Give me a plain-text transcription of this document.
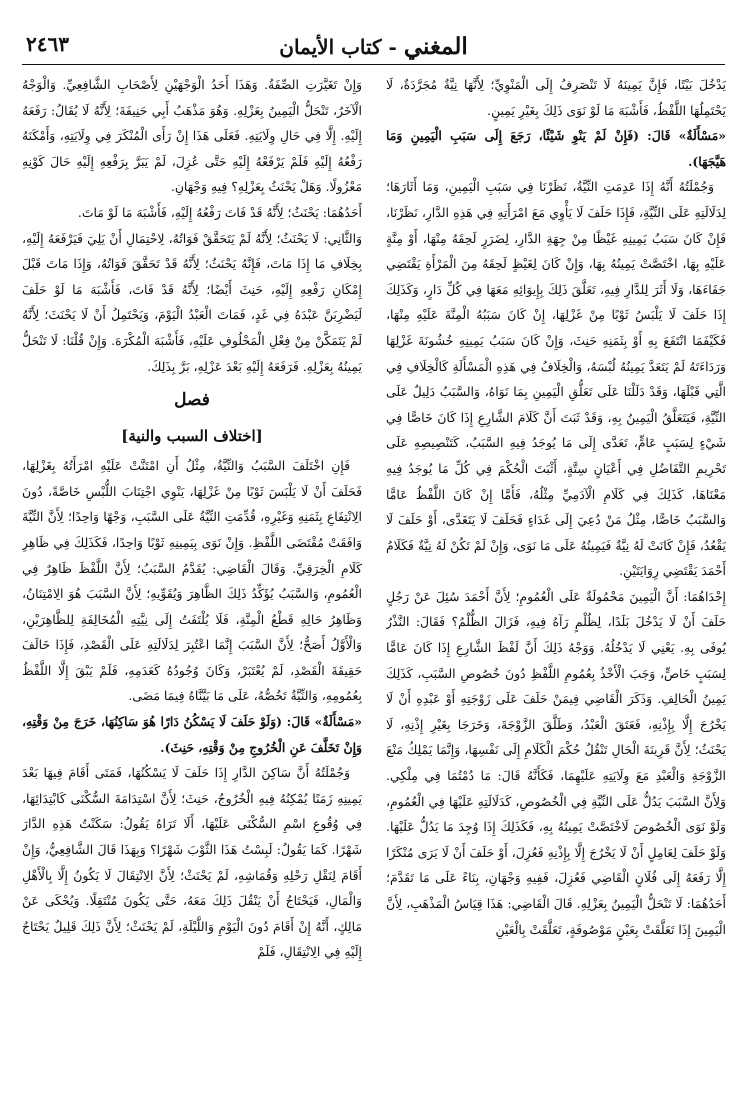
٢٤٦٣	المغني - كتاب الأيمان

يَدْخُلَ بَيْتًا، فَإِنَّ يَمِينَهُ لَا تَنْصَرِفُ إِلَى الْمَنْوِيِّ؛ لِأَنَّهَا نِيَّةٌ مُجَرَّدَةٌ، لَا يَحْتَمِلُهَا اللَّفْظُ، فَأَشْبَهَ مَا لَوْ نَوَى ذَلِكَ بِغَيْرِ يَمِينٍ.

«مَسْأَلَةٌ» قَالَ: (فَإِنْ لَمْ يَنْوِ شَيْئًا، رَجَعَ إِلَى سَبَبِ الْيَمِينِ وَمَا هَيَّجَهَا).

وَجُمْلَتُهُ أَنَّهُ إِذَا عَدِمَتِ النِّيَّةُ، نَظَرْنَا فِي سَبَبِ الْيَمِينِ، وَمَا أَثَارَهَا؛ لِدَلَالَتِهِ عَلَى النِّيَّةِ، فَإِذَا حَلَفَ لَا يَأْوِي مَعَ امْرَأَتِهِ فِي هَذِهِ الدَّارِ، نَظَرْنَا، فَإِنْ كَانَ سَبَبُ يَمِينِهِ غَيْظًا مِنْ جِهَةِ الدَّارِ، لِضَرَرٍ لَحِقَهُ مِنْهَا، أَوْ مِنَّةٍ عَلَيْهِ بِهَا، اخْتَصَّتْ يَمِينُهُ بِهَا، وَإِنْ كَانَ لِغَيْظٍ لَحِقَهُ مِنَ الْمَرْأَةِ يَقْتَضِي جَفَاءَهَا، وَلَا أَثَرَ لِلدَّارِ فِيهِ، تَعَلَّقَ ذَلِكَ بِإِيوَائِهِ مَعَهَا فِي كُلِّ دَارٍ، وَكَذَلِكَ إِذَا حَلَفَ لَا يَلْبَسُ ثَوْبًا مِنْ غَزْلِهَا، إِنْ كَانَ سَبَبُهُ الْمِنَّةَ عَلَيْهِ مِنْهَا، فَكَيْفَمَا انْتَفَعَ بِهِ أَوْ بِثَمَنِهِ حَنِثَ، وَإِنْ كَانَ سَبَبُ يَمِينِهِ خُشُونَةَ غَزْلِهَا وَرَدَاءَتَهُ لَمْ يَتَعَدَّ يَمِينُهُ لُبْسَهُ، وَالْخِلَافُ فِي هَذِهِ الْمَسْأَلَةِ كَالْخِلَافِ فِي الَّتِي قَبْلَهَا، وَقَدْ دَلَلْنَا عَلَى تَعَلُّقِ الْيَمِينِ بِمَا نَوَاهُ، وَالسَّبَبُ دَلِيلٌ عَلَى النِّيَّةِ، فَيَتَعَلَّقُ الْيَمِينُ بِهِ، وَقَدْ ثَبَتَ أَنَّ كَلَامَ الشَّارِعِ إِذَا كَانَ خَاصًّا فِي شَيْءٍ لِسَبَبٍ عَامٍّ، تَعَدَّى إِلَى مَا يُوجَدُ فِيهِ السَّبَبُ، كَتَنْصِيصِهِ عَلَى تَحْرِيمِ التَّفَاضُلِ فِي أَعْيَانٍ سِتَّةٍ، أَثْبَتَ الْحُكْمَ فِي كُلِّ مَا يُوجَدُ فِيهِ مَعْنَاهَا، كَذَلِكَ فِي كَلَامِ الْآدَمِيِّ مِثْلُهُ، فَأَمَّا إِنْ كَانَ اللَّفْظُ عَامًّا وَالسَّبَبُ خَاصًّا، مِثْلُ مَنْ دُعِيَ إِلَى غَدَاءٍ فَحَلَفَ لَا يَتَغَدَّى، أَوْ حَلَفَ لَا يَقْعُدُ، فَإِنْ كَانَتْ لَهُ نِيَّةٌ فَيَمِينُهُ عَلَى مَا نَوَى، وَإِنْ لَمْ تَكُنْ لَهُ نِيَّةٌ فَكَلَامُ أَحْمَدَ يَقْتَضِي رِوَايَتَيْنِ.

إِحْدَاهُمَا: أَنَّ الْيَمِينَ مَحْمُولَةٌ عَلَى الْعُمُومِ؛ لِأَنَّ أَحْمَدَ سُئِلَ عَنْ رَجُلٍ حَلَفَ أَنْ لَا يَدْخُلَ بَلَدًا، لِظُلْمٍ رَآهُ فِيهِ، فَزَالَ الظُّلْمُ؟ فَقَالَ: النَّذْرُ يُوفَى بِهِ. يَعْنِي لَا يَدْخُلُهُ. وَوَجْهُ ذَلِكَ أَنَّ لَفْظَ الشَّارِعِ إِذَا كَانَ عَامًّا لِسَبَبٍ خَاصٍّ، وَجَبَ الْأَخْذُ بِعُمُومِ اللَّفْظِ دُونَ خُصُوصِ السَّبَبِ، كَذَلِكَ يَمِينُ الْحَالِفِ. وَذَكَرَ الْقَاضِي فِيمَنْ حَلَفَ عَلَى زَوْجَتِهِ أَوْ عَبْدِهِ أَنْ لَا يَخْرُجَ إِلَّا بِإِذْنِهِ، فَعَتَقَ الْعَبْدُ، وَطَلَّقَ الزَّوْجَةَ، وَخَرَجَا بِغَيْرِ إِذْنِهِ، لَا يَحْنَثُ؛ لِأَنَّ قَرِينَةَ الْحَالِ تَنْقُلُ حُكْمَ الْكَلَامِ إِلَى نَفْسِهَا، وَإِنَّمَا يَمْلِكُ مَنْعَ الزَّوْجَةِ وَالْعَبْدِ مَعَ وِلَايَتِهِ عَلَيْهِمَا، فَكَأَنَّهُ قَالَ: مَا دُمْتُمَا فِي مِلْكِي. وَلِأَنَّ السَّبَبَ يَدُلُّ عَلَى النِّيَّةِ فِي الْخُصُوصِ، كَدَلَالَتِهِ عَلَيْهَا فِي الْعُمُومِ، وَلَوْ نَوَى الْخُصُوصَ لَاخْتَصَّتْ يَمِينُهُ بِهِ، فَكَذَلِكَ إِذَا وُجِدَ مَا يَدُلُّ عَلَيْهَا. وَلَوْ حَلَفَ لِعَامِلٍ أَنْ لَا يَخْرُجَ إِلَّا بِإِذْنِهِ فَعُزِلَ، أَوْ حَلَفَ أَنْ لَا يَرَى مُنْكَرًا إِلَّا رَفَعَهُ إِلَى فُلَانٍ الْقَاضِي فَعُزِلَ، فَفِيهِ وَجْهَانِ، بِنَاءً عَلَى مَا تَقَدَّمَ؛ أَحَدُهُمَا: لَا تَنْحَلُّ الْيَمِينُ بِعَزْلِهِ. قَالَ الْقَاضِي: هَذَا قِيَاسُ الْمَذْهَبِ، لِأَنَّ الْيَمِينَ إِذَا تَعَلَّقَتْ بِعَيْنٍ مَوْصُوفَةٍ، تَعَلَّقَتْ بِالْعَيْنِ

وَإِنْ تَغَيَّرَتِ الصِّفَةُ. وَهَذَا أَحَدُ الْوَجْهَيْنِ لِأَصْحَابِ الشَّافِعِيِّ. وَالْوَجْهُ الْآخَرُ، تَنْحَلُّ الْيَمِينُ بِعَزْلِهِ. وَهُوَ مَذْهَبُ أَبِي حَنِيفَةَ؛ لِأَنَّهُ لَا يُقَالُ: رَفَعَهُ إِلَيْهِ. إِلَّا فِي حَالِ وِلَايَتِهِ. فَعَلَى هَذَا إِنْ رَأَى الْمُنْكَرَ فِي وِلَايَتِهِ، وَأَمْكَنَهُ رَفْعُهُ إِلَيْهِ فَلَمْ يَرْفَعْهُ إِلَيْهِ حَتَّى عُزِلَ، لَمْ يَبَرَّ بِرَفْعِهِ إِلَيْهِ حَالَ كَوْنِهِ مَعْزُولًا. وَهَلْ يَحْنَثُ بِعَزْلِهِ؟ فِيهِ وَجْهَانِ.

أَحَدُهُمَا: يَحْنَثُ؛ لِأَنَّهُ قَدْ فَاتَ رَفْعُهُ إِلَيْهِ، فَأَشْبَهَ مَا لَوْ مَاتَ.

وَالثَّانِي: لَا يَحْنَثُ؛ لِأَنَّهُ لَمْ يَتَحَقَّقْ فَوَاتُهُ، لِاحْتِمَالِ أَنْ يَلِيَ فَيَرْفَعَهُ إِلَيْهِ، بِخِلَافِ مَا إِذَا مَاتَ، فَإِنَّهُ يَحْنَثُ؛ لِأَنَّهُ قَدْ تَحَقَّقَ فَوَاتُهُ، وَإِذَا مَاتَ قَبْلَ إِمْكَانِ رَفْعِهِ إِلَيْهِ، حَنِثَ أَيْضًا؛ لِأَنَّهُ قَدْ فَاتَ، فَأَشْبَهَ مَا لَوْ حَلَفَ لَيَضْرِبَنَّ عَبْدَهُ فِي غَدٍ، فَمَاتَ الْعَبْدُ الْيَوْمَ، وَيَحْتَمِلُ أَنْ لَا يَحْنَثَ؛ لِأَنَّهُ لَمْ يَتَمَكَّنْ مِنْ فِعْلِ الْمَحْلُوفِ عَلَيْهِ، فَأَشْبَهَ الْمُكْرَهَ. وَإِنْ قُلْنَا: لَا تَنْحَلُّ يَمِينُهُ بِعَزْلِهِ. فَرَفَعَهُ إِلَيْهِ بَعْدَ عَزْلِهِ، بَرَّ بِذَلِكَ.

فصل
[اختلاف السبب والنية]

فَإِنِ اخْتَلَفَ السَّبَبُ وَالنِّيَّةُ، مِثْلُ أَنِ امْتَنَّتْ عَلَيْهِ امْرَأَتُهُ بِغَزْلِهَا، فَحَلَفَ أَنْ لَا يَلْبَسَ ثَوْبًا مِنْ غَزْلِهَا، يَنْوِي اجْتِنَابَ اللُّبْسِ خَاصَّةً، دُونَ الِانْتِفَاعِ بِثَمَنِهِ وَغَيْرِهِ، قُدِّمَتِ النِّيَّةُ عَلَى السَّبَبِ، وَجْهًا وَاحِدًا؛ لِأَنَّ النِّيَّةَ وَافَقَتْ مُقْتَضَى اللَّفْظِ. وَإِنْ نَوَى بِيَمِينِهِ ثَوْبًا وَاحِدًا، فَكَذَلِكَ فِي ظَاهِرِ كَلَامِ الْخِرَقِيِّ. وَقَالَ الْقَاضِي: يُقَدَّمُ السَّبَبُ؛ لِأَنَّ اللَّفْظَ ظَاهِرٌ فِي الْعُمُومِ، وَالسَّبَبُ يُؤَكِّدُ ذَلِكَ الظَّاهِرَ وَيُقَوِّيهِ؛ لِأَنَّ السَّبَبَ هُوَ الِامْتِنَانُ، وَظَاهِرُ حَالِهِ قَطْعُ الْمِنَّةِ، فَلَا يُلْتَفَتُ إِلَى نِيَّتِهِ الْمُخَالِفَةِ لِلظَّاهِرَيْنِ، وَالْأَوَّلُ أَصَحُّ؛ لِأَنَّ السَّبَبَ إِنَّمَا اعْتُبِرَ لِدَلَالَتِهِ عَلَى الْقَصْدِ، فَإِذَا خَالَفَ حَقِيقَةَ الْقَصْدِ، لَمْ يُعْتَبَرْ، وَكَانَ وُجُودُهُ كَعَدَمِهِ، فَلَمْ يَبْقَ إِلَّا اللَّفْظُ بِعُمُومِهِ، وَالنِّيَّةُ تَخُصُّهُ، عَلَى مَا بَيَّنَّاهُ فِيمَا مَضَى.

«مَسْأَلَةٌ» قَالَ: (وَلَوْ حَلَفَ لَا يَسْكُنُ دَارًا هُوَ سَاكِنُهَا، خَرَجَ مِنْ وَقْتِهِ، وَإِنْ تَخَلَّفَ عَنِ الْخُرُوجِ مِنْ وَقْتِهِ، حَنِثَ).

وَجُمْلَتُهُ أَنَّ سَاكِنَ الدَّارِ إِذَا حَلَفَ لَا يَسْكُنُهَا، فَمَتَى أَقَامَ فِيهَا بَعْدَ يَمِينِهِ زَمَنًا يُمْكِنُهُ فِيهِ الْخُرُوجُ، حَنِثَ؛ لِأَنَّ اسْتِدَامَةَ السُّكْنَى كَابْتِدَائِهَا، فِي وُقُوعِ اسْمِ السُّكْنَى عَلَيْهَا، أَلَا تَرَاهُ يَقُولُ: سَكَنْتُ هَذِهِ الدَّارَ شَهْرًا. كَمَا يَقُولُ: لَبِسْتُ هَذَا الثَّوْبَ شَهْرًا؟ وَبِهَذَا قَالَ الشَّافِعِيُّ، وَإِنْ أَقَامَ لِنَقْلِ رَحْلِهِ وَقُمَاشِهِ، لَمْ يَحْنَثْ؛ لِأَنَّ الِانْتِقَالَ لَا يَكُونُ إِلَّا بِالْأَهْلِ وَالْمَالِ، فَيَحْتَاجُ أَنْ يَنْقُلَ ذَلِكَ مَعَهُ، حَتَّى يَكُونَ مُنْتَقِلًا. وَيُحْكَى عَنْ مَالِكٍ، أَنَّهُ إِنْ أَقَامَ دُونَ الْيَوْمِ وَاللَّيْلَةِ، لَمْ يَحْنَثْ؛ لِأَنَّ ذَلِكَ قَلِيلٌ يَحْتَاجُ إِلَيْهِ فِي الِانْتِقَالِ، فَلَمْ
